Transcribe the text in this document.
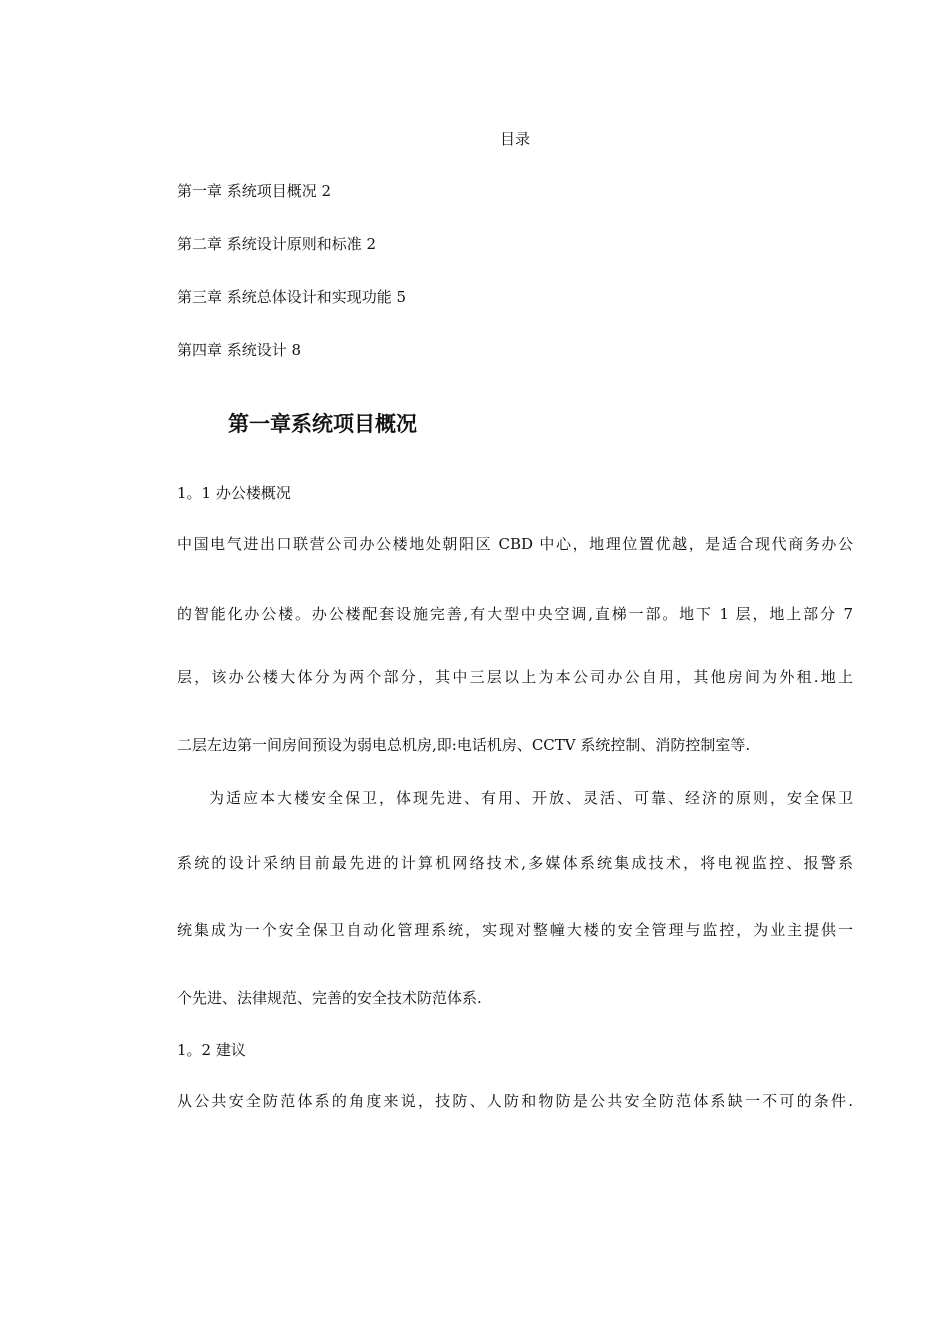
目录
第一章 系统项目概况 2
第二章 系统设计原则和标准 2
第三章 系统总体设计和实现功能 5
第四章 系统设计 8
第一章系统项目概况
1。1 办公楼概况
中国电气进出口联营公司办公楼地处朝阳区 CBD 中心，地理位置优越，是适合现代商务办公
的智能化办公楼。办公楼配套设施完善,有大型中央空调,直梯一部。地下 1 层，地上部分 7
层，该办公楼大体分为两个部分，其中三层以上为本公司办公自用，其他房间为外租.地上
二层左边第一间房间预设为弱电总机房,即:电话机房、CCTV 系统控制、消防控制室等.
为适应本大楼安全保卫，体现先进、有用、开放、灵活、可靠、经济的原则，安全保卫
系统的设计采纳目前最先进的计算机网络技术,多媒体系统集成技术，将电视监控、报警系
统集成为一个安全保卫自动化管理系统，实现对整幢大楼的安全管理与监控，为业主提供一
个先进、法律规范、完善的安全技术防范体系.
1。2 建议
从公共安全防范体系的角度来说，技防、人防和物防是公共安全防范体系缺一不可的条件.
